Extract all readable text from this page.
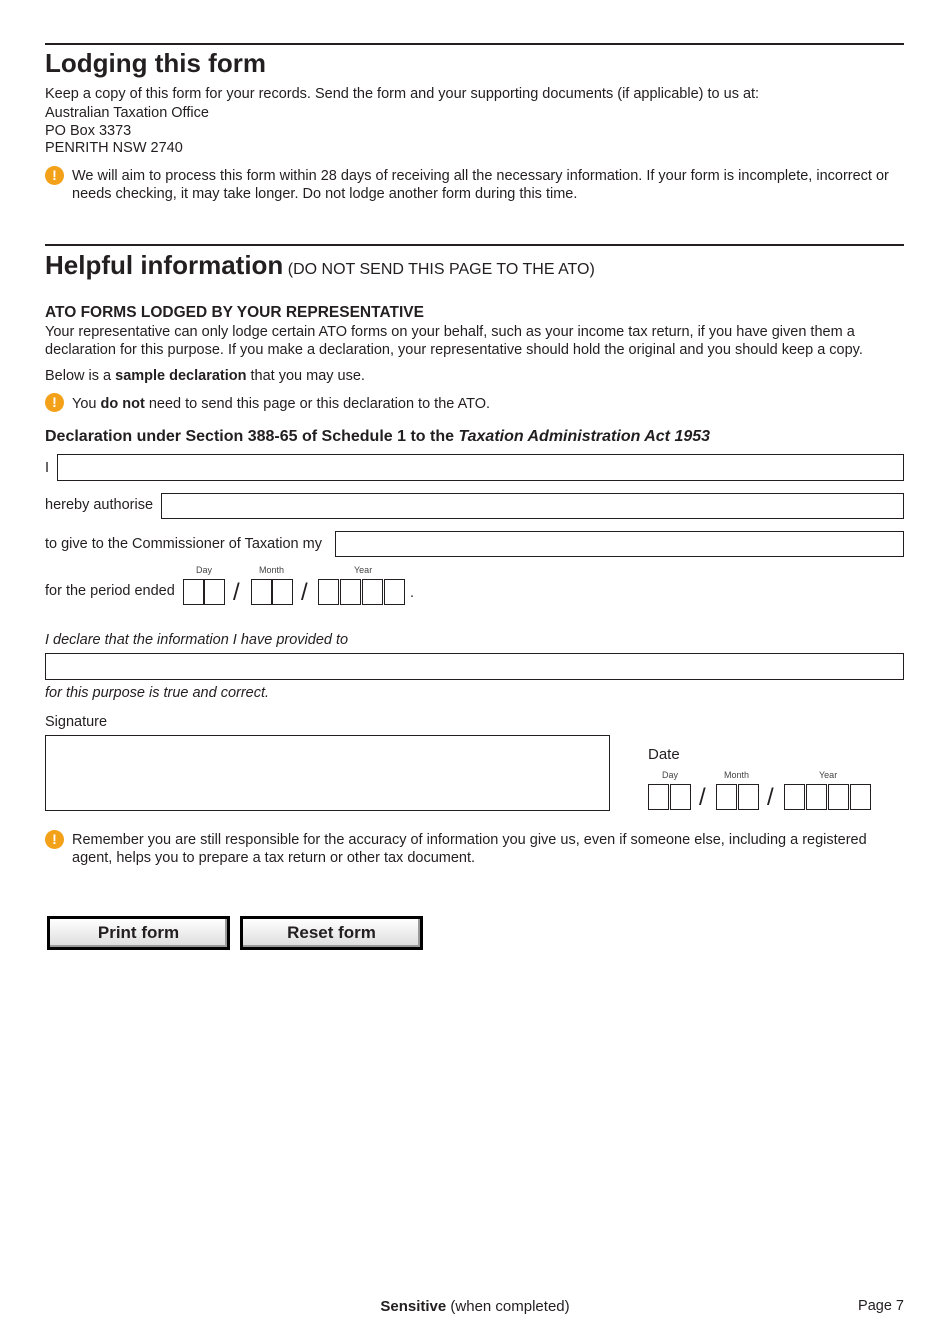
Lodging this form
Keep a copy of this form for your records. Send the form and your supporting documents (if applicable) to us at:
Australian Taxation Office
PO Box 3373
PENRITH NSW 2740
!	We will aim to process this form within 28 days of receiving all the necessary information. If your form is incomplete, incorrect or needs checking, it may take longer. Do not lodge another form during this time.
Helpful information (DO NOT SEND THIS PAGE TO THE ATO)
ATO FORMS LODGED BY YOUR REPRESENTATIVE
Your representative can only lodge certain ATO forms on your behalf, such as your income tax return, if you have given them a declaration for this purpose. If you make a declaration, your representative should hold the original and you should keep a copy.
Below is a sample declaration that you may use.
!	You do not need to send this page or this declaration to the ATO.
Declaration under Section 388-65 of Schedule 1 to the Taxation Administration Act 1953
I
hereby authorise
to give to the Commissioner of Taxation my
for the period ended
Day	Month	Year
/	/	.
I declare that the information I have provided to
for this purpose is true and correct.
Signature
Date
Day	Month	Year
/	/
!	Remember you are still responsible for the accuracy of information you give us, even if someone else, including a registered agent, helps you to prepare a tax return or other tax document.
Print form	Reset form
Sensitive (when completed)	Page 7
